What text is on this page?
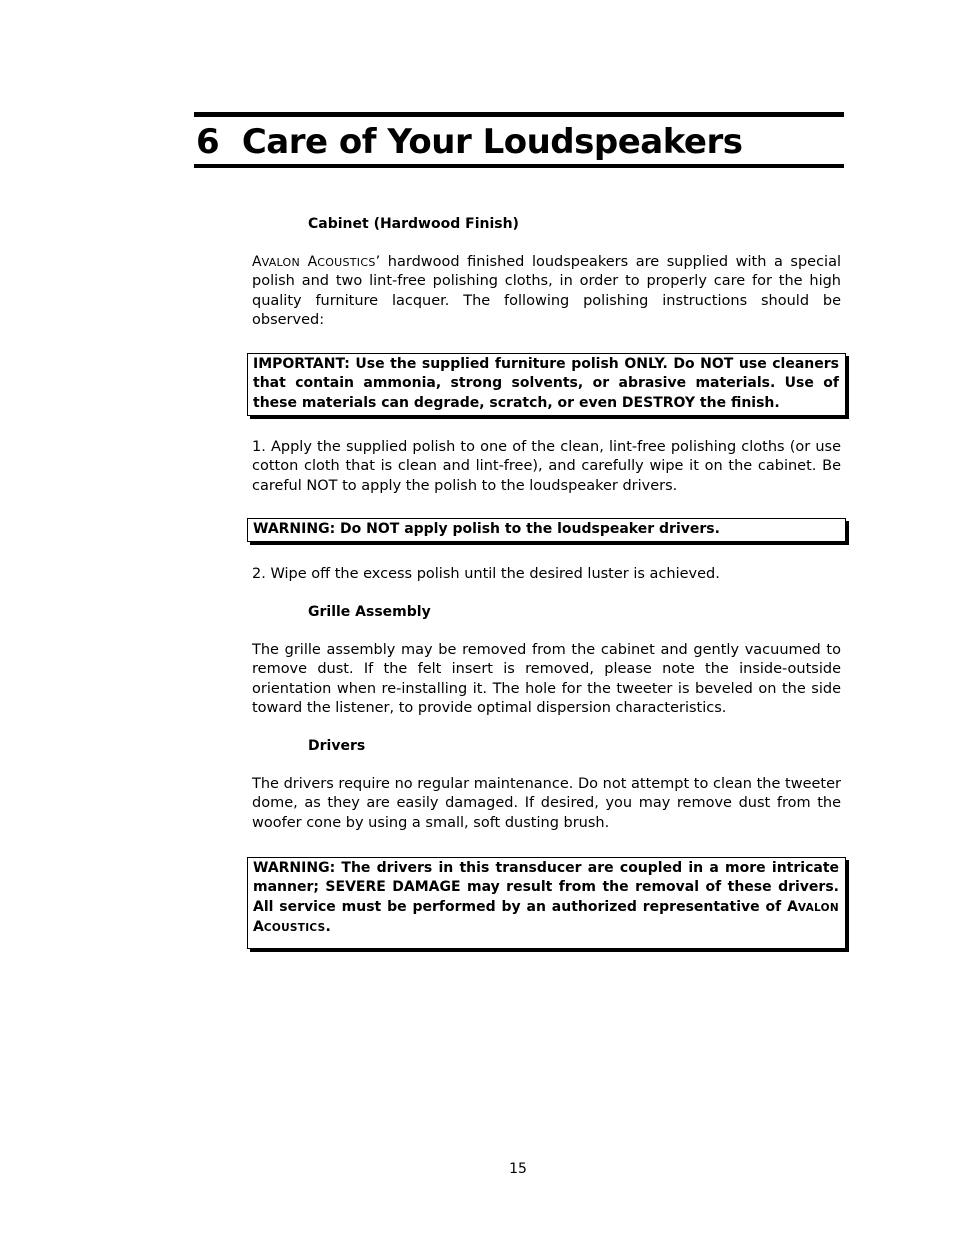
6 Care of Your Loudspeakers
Cabinet (Hardwood Finish)

AVALON ACOUSTICS’ hardwood finished loudspeakers are supplied with a special polish and two lint-free polishing cloths, in order to properly care for the high quality furniture lacquer. The following polishing instructions should be observed:

IMPORTANT: Use the supplied furniture polish ONLY. Do NOT use cleaners that contain ammonia, strong solvents, or abrasive materials. Use of these materials can degrade, scratch, or even DESTROY the finish.

1. Apply the supplied polish to one of the clean, lint-free polishing cloths (or use cotton cloth that is clean and lint-free), and carefully wipe it on the cabinet. Be careful NOT to apply the polish to the loudspeaker drivers.

WARNING: Do NOT apply polish to the loudspeaker drivers.

2. Wipe off the excess polish until the desired luster is achieved.

Grille Assembly

The grille assembly may be removed from the cabinet and gently vacuumed to remove dust. If the felt insert is removed, please note the inside-outside orientation when re-installing it. The hole for the tweeter is beveled on the side toward the listener, to provide optimal dispersion characteristics.

Drivers

The drivers require no regular maintenance. Do not attempt to clean the tweeter dome, as they are easily damaged. If desired, you may remove dust from the woofer cone by using a small, soft dusting brush.

WARNING: The drivers in this transducer are coupled in a more intricate manner; SEVERE DAMAGE may result from the removal of these drivers. All service must be performed by an authorized representative of AVALON ACOUSTICS.
15
